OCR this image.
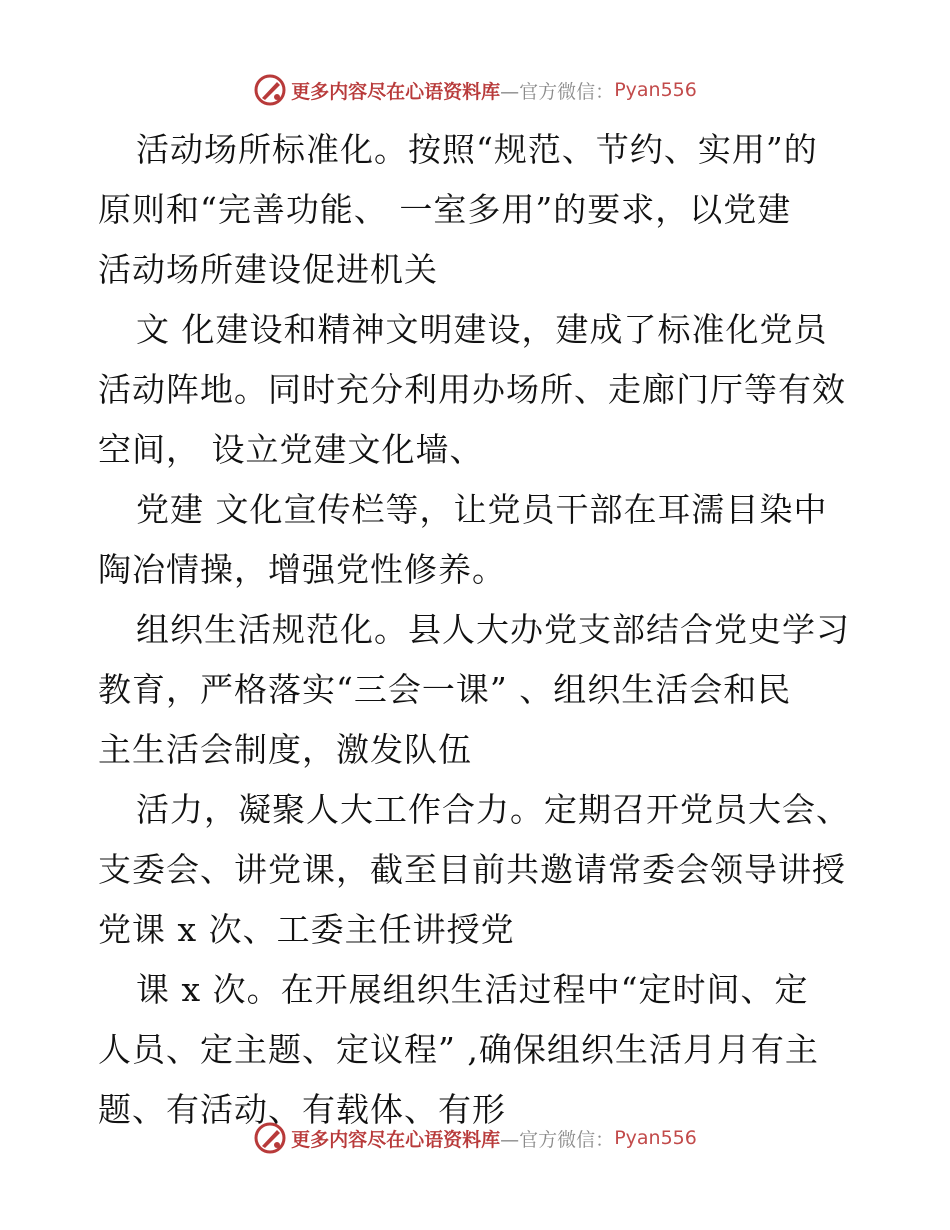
更多内容尽在心语资料库 —官方微信： Pyan556

活动场所标准化。按照“规范、节约、实用”的
原则和“完善功能、 一室多用”的要求，以党建
活动场所建设促进机关

文 化建设和精神文明建设，建成了标准化党员
活动阵地。同时充分利用办场所、走廊门厅等有效
空间， 设立党建文化墙、

党建 文化宣传栏等，让党员干部在耳濡目染中
陶冶情操，增强党性修养。

组织生活规范化。县人大办党支部结合党史学习
教育，严格落实“三会一课” 、组织生活会和民
主生活会制度，激发队伍

活力，凝聚人大工作合力。定期召开党员大会、
支委会、讲党课，截至目前共邀请常委会领导讲授
党课 x 次、工委主任讲授党

课 x 次。在开展组织生活过程中“定时间、定
人员、定主题、定议程” ,确保组织生活月月有主
题、有活动、有载体、有形

更多内容尽在心语资料库 —官方微信： Pyan556
